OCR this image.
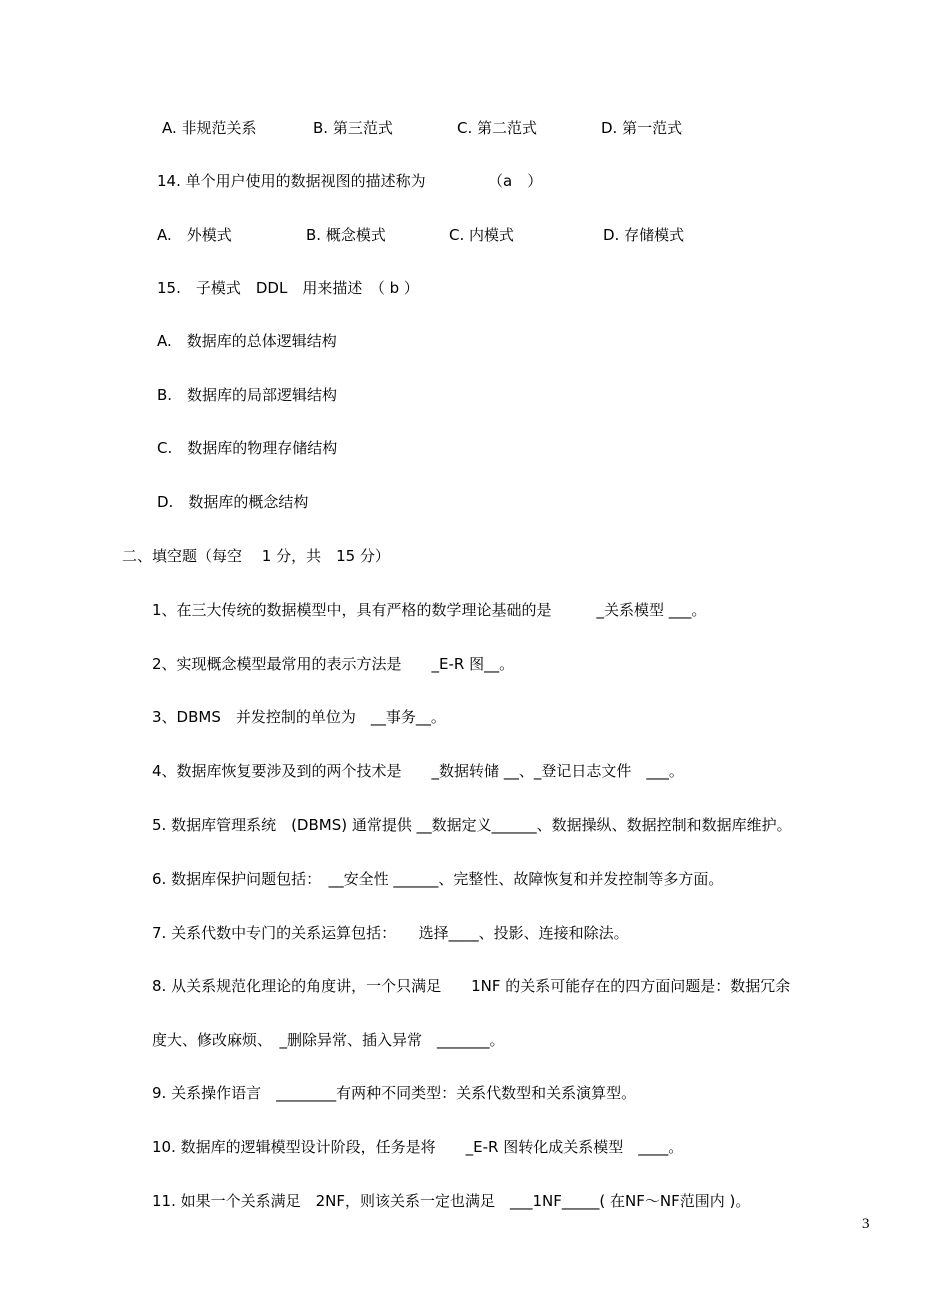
A. 非规范关系	B. 第三范式	C. 第二范式	D. 第一范式
14. 单个用户使用的数据视图的描述称为	（a　）
A.　外模式	B. 概念模式	C. 内模式	D. 存储模式
15.　子模式　DDL　用来描述　（ b ）
A.　数据库的总体逻辑结构
B.　数据库的局部逻辑结构
C.　数据库的物理存储结构
D.　数据库的概念结构
二、填空题（每空　 1 分，共　15 分）
1、在三大传统的数据模型中，具有严格的数学理论基础的是　　　_关系模型 ___。
2、实现概念模型最常用的表示方法是　　_E-R 图__。
3、DBMS　并发控制的单位为　__事务__。
4、数据库恢复要涉及到的两个技术是　　_数据转储 __、_登记日志文件　___。
5. 数据库管理系统　(DBMS) 通常提供 __数据定义______、数据操纵、数据控制和数据库维护。
6. 数据库保护问题包括：　__安全性 ______、完整性、故障恢复和并发控制等多方面。
7. 关系代数中专门的关系运算包括：　　选择____、投影、连接和除法。
8. 从关系规范化理论的角度讲，一个只满足　　1NF 的关系可能存在的四方面问题是：数据冗余
度大、修改麻烦、　_删除异常、插入异常　_______。
9. 关系操作语言　________有两种不同类型：关系代数型和关系演算型。
10. 数据库的逻辑模型设计阶段，任务是将　　_E-R 图转化成关系模型　____。
11. 如果一个关系满足　2NF，则该关系一定也满足　___1NF_____( 在NF～NF范围内 )。
3
